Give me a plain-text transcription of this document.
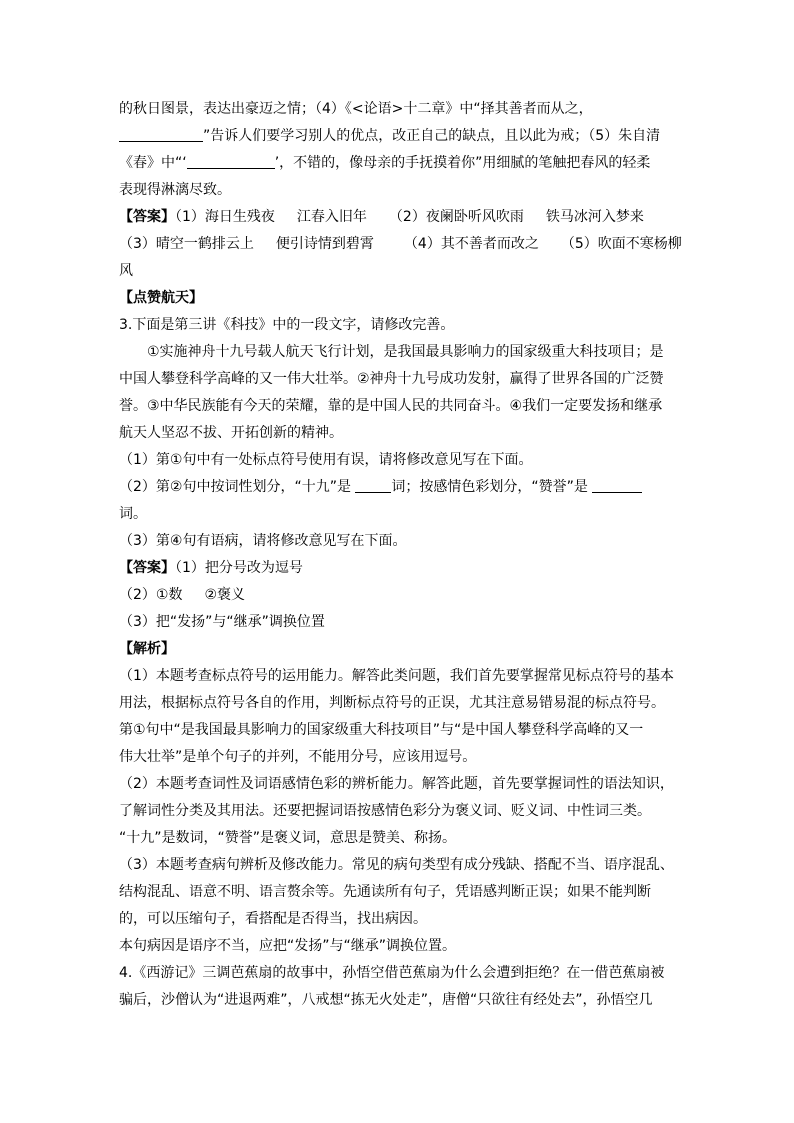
的秋日图景，表达出豪迈之情；（4）《<论语>十二章》中“择其善者而从之，
”告诉人们要学习别人的优点，改正自己的缺点，且以此为戒；（5）朱自清
《春》中“‘	’，不错的，像母亲的手抚摸着你”用细腻的笔触把春风的轻柔
表现得淋漓尽致。
【答案】（1）海日生残夜 江春入旧年 （2）夜阑卧听风吹雨 铁马冰河入梦来
（3）晴空一鹤排云上 便引诗情到碧霄 （4）其不善者而改之 （5）吹面不寒杨柳
风
【点赞航天】
3.下面是第三讲《科技》中的一段文字，请修改完善。
①实施神舟十九号载人航天飞行计划，是我国最具影响力的国家级重大科技项目；是
中国人攀登科学高峰的又一伟大壮举。②神舟十九号成功发射，赢得了世界各国的广泛赞
誉。③中华民族能有今天的荣耀，靠的是中国人民的共同奋斗。④我们一定要发扬和继承
航天人坚忍不拔、开拓创新的精神。
（1）第①句中有一处标点符号使用有误，请将修改意见写在下面。
（2）第②句中按词性划分，“十九”是	词；按感情色彩划分，“赞誉”是
词。
（3）第④句有语病，请将修改意见写在下面。
【答案】（1）把分号改为逗号
（2）①数 ②褒义
（3）把“发扬”与“继承”调换位置
【解析】
（1）本题考查标点符号的运用能力。解答此类问题，我们首先要掌握常见标点符号的基本
用法，根据标点符号各自的作用，判断标点符号的正误，尤其注意易错易混的标点符号。
第①句中“是我国最具影响力的国家级重大科技项目”与“是中国人攀登科学高峰的又一
伟大壮举”是单个句子的并列，不能用分号，应该用逗号。
（2）本题考查词性及词语感情色彩的辨析能力。解答此题，首先要掌握词性的语法知识，
了解词性分类及其用法。还要把握词语按感情色彩分为褒义词、贬义词、中性词三类。
“十九”是数词，“赞誉”是褒义词，意思是赞美、称扬。
（3）本题考查病句辨析及修改能力。常见的病句类型有成分残缺、搭配不当、语序混乱、
结构混乱、语意不明、语言赘余等。先通读所有句子，凭语感判断正误；如果不能判断
的，可以压缩句子，看搭配是否得当，找出病因。
本句病因是语序不当，应把“发扬”与“继承”调换位置。
4.《西游记》三调芭蕉扇的故事中，孙悟空借芭蕉扇为什么会遭到拒绝？在一借芭蕉扇被
骗后，沙僧认为“进退两难”，八戒想“拣无火处走”，唐僧“只欲往有经处去”，孙悟空几
